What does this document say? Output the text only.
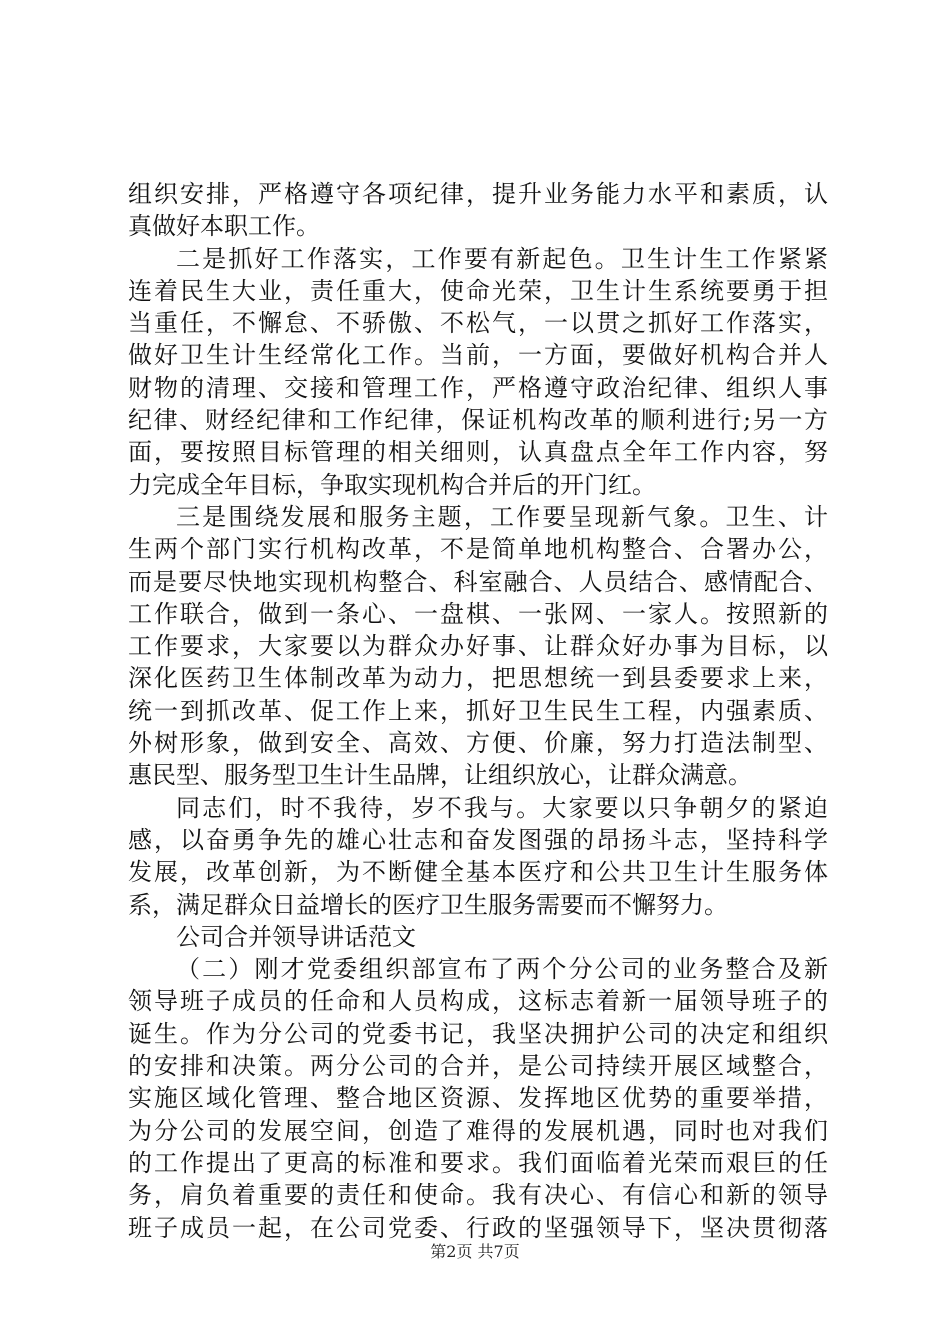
组织安排，严格遵守各项纪律，提升业务能力水平和素质，认
真做好本职工作。
二是抓好工作落实，工作要有新起色。卫生计生工作紧紧
连着民生大业，责任重大，使命光荣，卫生计生系统要勇于担
当重任，不懈怠、不骄傲、不松气，一以贯之抓好工作落实，
做好卫生计生经常化工作。当前，一方面，要做好机构合并人
财物的清理、交接和管理工作，严格遵守政治纪律、组织人事
纪律、财经纪律和工作纪律，保证机构改革的顺利进行;另一方
面，要按照目标管理的相关细则，认真盘点全年工作内容，努
力完成全年目标，争取实现机构合并后的开门红。
三是围绕发展和服务主题，工作要呈现新气象。卫生、计
生两个部门实行机构改革，不是简单地机构整合、合署办公，
而是要尽快地实现机构整合、科室融合、人员结合、感情配合、
工作联合，做到一条心、一盘棋、一张网、一家人。按照新的
工作要求，大家要以为群众办好事、让群众好办事为目标，以
深化医药卫生体制改革为动力，把思想统一到县委要求上来，
统一到抓改革、促工作上来，抓好卫生民生工程，内强素质、
外树形象，做到安全、高效、方便、价廉，努力打造法制型、
惠民型、服务型卫生计生品牌，让组织放心，让群众满意。
同志们，时不我待，岁不我与。大家要以只争朝夕的紧迫
感，以奋勇争先的雄心壮志和奋发图强的昂扬斗志，坚持科学
发展，改革创新，为不断健全基本医疗和公共卫生计生服务体
系，满足群众日益增长的医疗卫生服务需要而不懈努力。
公司合并领导讲话范文
（二）刚才党委组织部宣布了两个分公司的业务整合及新
领导班子成员的任命和人员构成，这标志着新一届领导班子的
诞生。作为分公司的党委书记，我坚决拥护公司的决定和组织
的安排和决策。两分公司的合并，是公司持续开展区域整合，
实施区域化管理、整合地区资源、发挥地区优势的重要举措，
为分公司的发展空间，创造了难得的发展机遇，同时也对我们
的工作提出了更高的标准和要求。我们面临着光荣而艰巨的任
务，肩负着重要的责任和使命。我有决心、有信心和新的领导
班子成员一起，在公司党委、行政的坚强领导下，坚决贯彻落
第2页 共7页
